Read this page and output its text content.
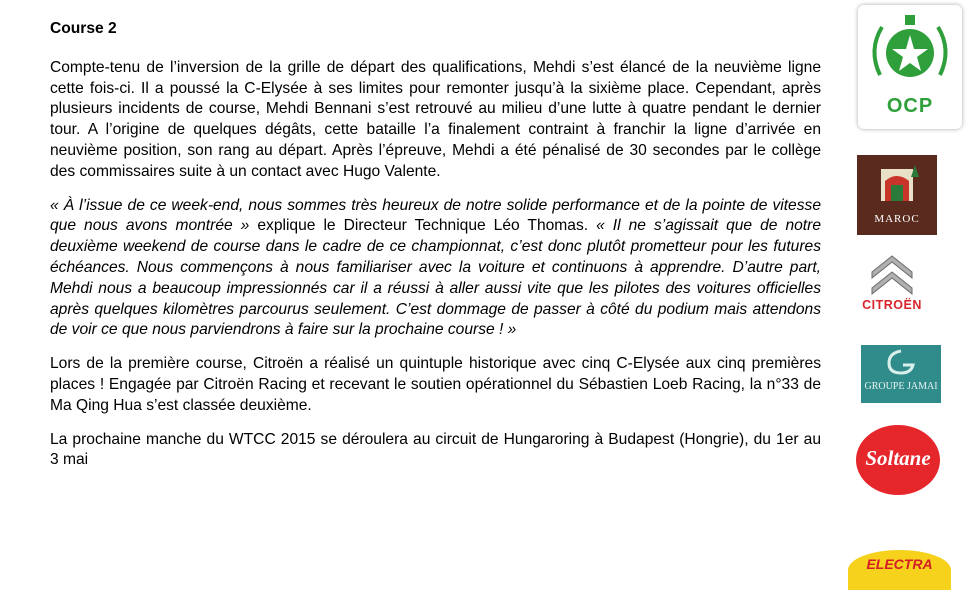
Course 2

Compte-tenu de l’inversion de la grille de départ des qualifications, Mehdi s’est élancé de la neuvième ligne cette fois-ci. Il a poussé la C-Elysée à ses limites pour remonter jusqu’à la sixième place. Cependant, après plusieurs incidents de course, Mehdi Bennani s’est retrouvé au milieu d’une lutte à quatre pendant le dernier tour. A l’origine de quelques dégâts, cette bataille l’a finalement contraint à franchir la ligne d’arrivée en neuvième position, son rang au départ. Après l’épreuve, Mehdi a été pénalisé de 30 secondes par le collège des commissaires suite à un contact avec Hugo Valente.

« À l’issue de ce week-end, nous sommes très heureux de notre solide performance et de la pointe de vitesse que nous avons montrée » explique le Directeur Technique Léo Thomas. « Il ne s’agissait que de notre deuxième weekend de course dans le cadre de ce championnat, c’est donc plutôt prometteur pour les futures échéances. Nous commençons à nous familiariser avec la voiture et continuons à apprendre. D’autre part, Mehdi nous a beaucoup impressionnés car il a réussi à aller aussi vite que les pilotes des voitures officielles après quelques kilomètres parcourus seulement. C’est dommage de passer à côté du podium mais attendons de voir ce que nous parviendrons à faire sur la prochaine course ! »

Lors de la première course, Citroën a réalisé un quintuple historique avec cinq C-Elysée aux cinq premières places ! Engagée par Citroën Racing et recevant le soutien opérationnel du Sébastien Loeb Racing, la n°33 de Ma Qing Hua s’est classée deuxième.

La prochaine manche du WTCC 2015 se déroulera au circuit de Hungaroring à Budapest (Hongrie), du 1er au 3 mai

OCP
MAROC
CITROËN
GROUPE JAMAI
Soltane
ELECTRA
